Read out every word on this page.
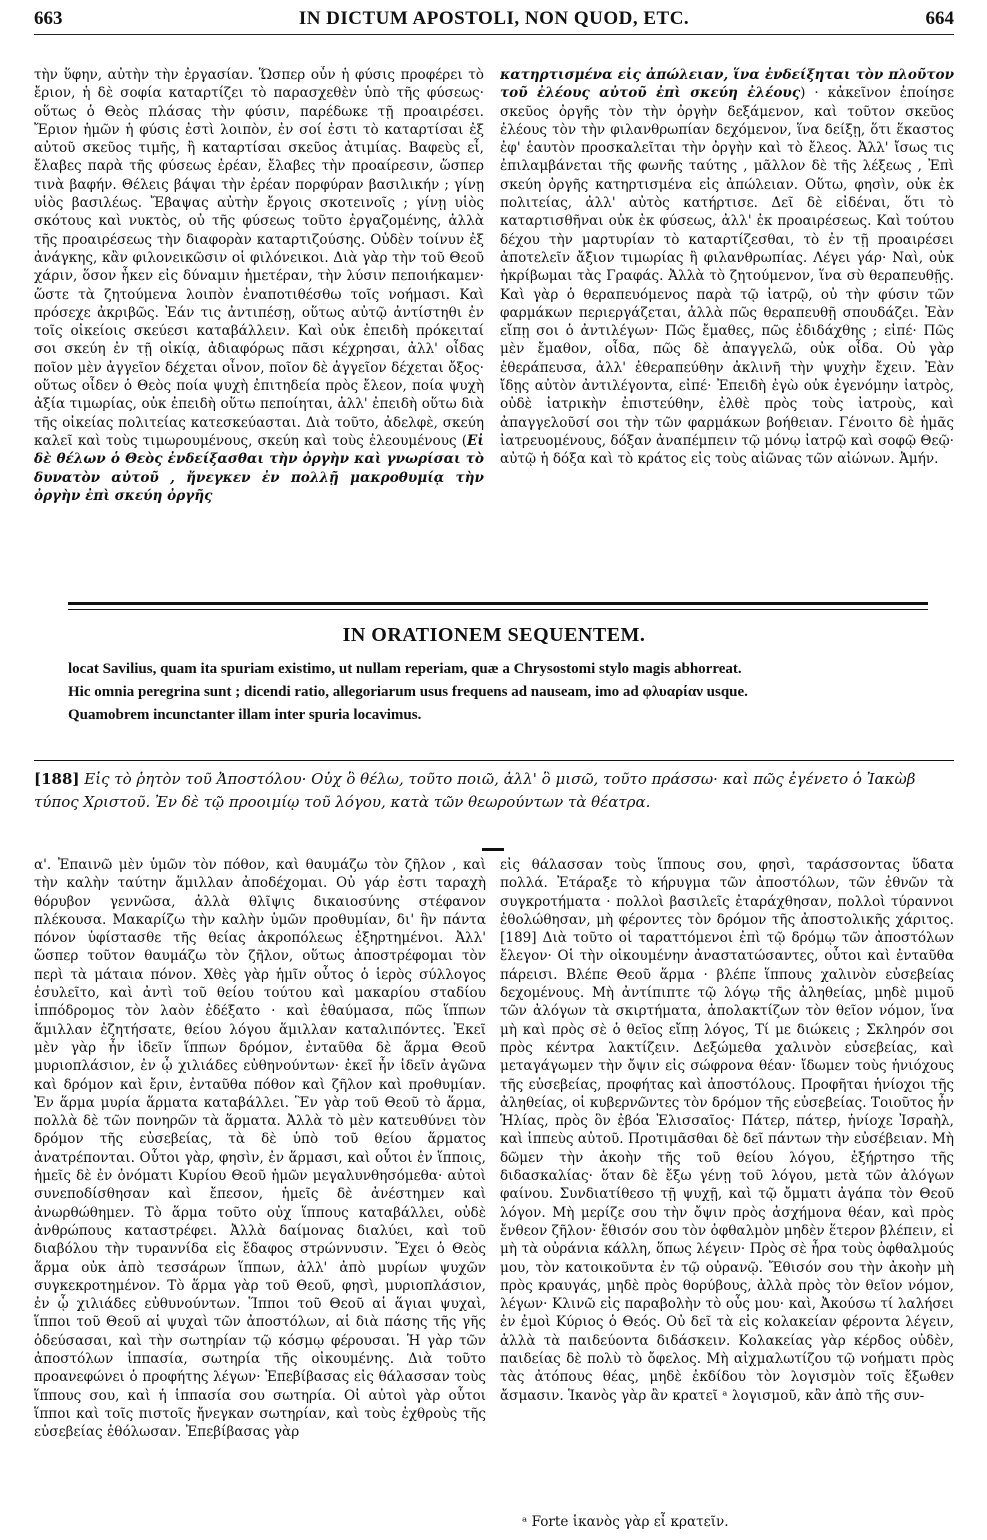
663	IN DICTUM APOSTOLI, NON QUOD, ETC.	664

τὴν ὕφην, αὐτὴν τὴν ἐργασίαν. Ὥσπερ οὖν ἡ φύσις προφέρει τὸ ἔριον, ἡ δὲ σοφία καταρτίζει τὸ παρασχεθὲν ὑπὸ τῆς φύσεως· οὕτως ὁ Θεὸς πλάσας τὴν φύσιν, παρέδωκε τῇ προαιρέσει. Ἔριον ἡμῶν ἡ φύσις ἐστὶ λοιπὸν, ἐν σοί ἐστι τὸ καταρτίσαι ἐξ αὐτοῦ σκεῦος τιμῆς, ἢ καταρτίσαι σκεῦος ἀτιμίας. Βαφεὺς εἶ, ἔλαβες παρὰ τῆς φύσεως ἐρέαν, ἔλαβες τὴν προαίρεσιν, ὥσπερ τινὰ βαφήν. Θέλεις βάψαι τὴν ἐρέαν πορφύραν βασιλικήν ; γίνῃ υἱὸς βασιλέως. Ἔβαψας αὐτὴν ἔργοις σκοτεινοῖς ; γίνῃ υἱὸς σκότους καὶ νυκτὸς, οὐ τῆς φύσεως τοῦτο ἐργαζομένης, ἀλλὰ τῆς προαιρέσεως τὴν διαφορὰν καταρτιζούσης. Οὐδὲν τοίνυν ἐξ ἀνάγκης, κἂν φιλονεικῶσιν οἱ φιλόνεικοι. Διὰ γὰρ τὴν τοῦ Θεοῦ χάριν, ὅσον ἧκεν εἰς δύναμιν ἡμετέραν, τὴν λύσιν πεποιήκαμεν· ὥστε τὰ ζητούμενα λοιπὸν ἐναποτιθέσθω τοῖς νοήμασι. Καὶ πρόσεχε ἀκριβῶς. Ἐάν τις ἀντιπέσῃ, οὕτως αὐτῷ ἀντίστηθι ἐν τοῖς οἰκείοις σκεύεσι καταβάλλειν. Καὶ οὐκ ἐπειδὴ πρόκειταί σοι σκεύη ἐν τῇ οἰκίᾳ, ἀδιαφόρως πᾶσι κέχρησαι, ἀλλ' οἶδας ποῖον μὲν ἀγγεῖον δέχεται οἶνον, ποῖον δὲ ἀγγεῖον δέχεται ὄξος· οὕτως οἶδεν ὁ Θεὸς ποία ψυχὴ ἐπιτηδεία πρὸς ἔλεον, ποία ψυχὴ ἀξία τιμωρίας, οὐκ ἐπειδὴ οὕτω πεποίηται, ἀλλ' ἐπειδὴ οὕτω διὰ τῆς οἰκείας πολιτείας κατεσκεύασται. Διὰ τοῦτο, ἀδελφὲ, σκεύη καλεῖ καὶ τοὺς τιμωρουμένους, σκεύη καὶ τοὺς ἐλεουμένους (Εἰ δὲ θέλων ὁ Θεὸς ἐνδείξασθαι τὴν ὀργὴν καὶ γνωρίσαι τὸ δυνατὸν αὐτοῦ , ἤνεγκεν ἐν πολλῇ μακροθυμίᾳ τὴν ὀργὴν ἐπὶ σκεύη ὀργῆς

κατηρτισμένα εἰς ἀπώλειαν, ἵνα ἐνδείξηται τὸν πλοῦτον τοῦ ἐλέους αὐτοῦ ἐπὶ σκεύη ἐλέους) · κἀκεῖνον ἐποίησε σκεῦος ὀργῆς τὸν τὴν ὀργὴν δεξάμενον, καὶ τοῦτον σκεῦος ἐλέους τὸν τὴν φιλανθρωπίαν δεχόμενον, ἵνα δείξῃ, ὅτι ἕκαστος ἐφ' ἑαυτὸν προσκαλεῖται τὴν ὀργὴν καὶ τὸ ἔλεος. Ἀλλ' ἴσως τις ἐπιλαμβάνεται τῆς φωνῆς ταύτης , μᾶλλον δὲ τῆς λέξεως , Ἐπὶ σκεύη ὀργῆς κατηρτισμένα εἰς ἀπώλειαν. Οὕτω, φησὶν, οὐκ ἐκ πολιτείας, ἀλλ' αὐτὸς κατήρτισε. Δεῖ δὲ εἰδέναι, ὅτι τὸ καταρτισθῆναι οὐκ ἐκ φύσεως, ἀλλ' ἐκ προαιρέσεως. Καὶ τούτου δέχου τὴν μαρτυρίαν τὸ καταρτίζεσθαι, τὸ ἐν τῇ προαιρέσει ἀποτελεῖν ἄξιον τιμωρίας ἢ φιλανθρωπίας. Λέγει γάρ· Ναὶ, οὐκ ἠκρίβωμαι τὰς Γραφάς. Ἀλλὰ τὸ ζητούμενον, ἵνα σὺ θεραπευθῇς. Καὶ γὰρ ὁ θεραπευόμενος παρὰ τῷ ἰατρῷ, οὐ τὴν φύσιν τῶν φαρμάκων περιεργάζεται, ἀλλὰ πῶς θεραπευθῇ σπουδάζει. Ἐὰν εἴπῃ σοι ὁ ἀντιλέγων· Πῶς ἔμαθες, πῶς ἐδιδάχθης ; εἰπέ· Πῶς μὲν ἔμαθον, οἶδα, πῶς δὲ ἀπαγγελῶ, οὐκ οἶδα. Οὐ γὰρ ἐθεράπευσα, ἀλλ' ἐθεραπεύθην ἀκλινῆ τὴν ψυχὴν ἔχειν. Ἐὰν ἴδῃς αὐτὸν ἀντιλέγοντα, εἰπέ· Ἐπειδὴ ἐγὼ οὐκ ἐγενόμην ἰατρὸς, οὐδὲ ἰατρικὴν ἐπιστεύθην, ἐλθὲ πρὸς τοὺς ἰατροὺς, καὶ ἀπαγγελοῦσί σοι τὴν τῶν φαρμάκων βοήθειαν. Γένοιτο δὲ ἡμᾶς ἰατρευομένους, δόξαν ἀναπέμπειν τῷ μόνῳ ἰατρῷ καὶ σοφῷ Θεῷ· αὐτῷ ἡ δόξα καὶ τὸ κράτος εἰς τοὺς αἰῶνας τῶν αἰώνων. Ἀμήν.

IN ORATIONEM SEQUENTEM.
locat Savilius, quam ita spuriam existimo, ut nullam reperiam, quæ a Chrysostomi stylo magis abhorreat.
Hic omnia peregrina sunt ; dicendi ratio, allegoriarum usus frequens ad nauseam, imo ad φλυαρίαν usque.
Quamobrem incunctanter illam inter spuria locavimus.
[188] Εἰς τὸ ῥητὸν τοῦ Ἀποστόλου· Οὐχ ὃ θέλω, τοῦτο ποιῶ, ἀλλ' ὃ μισῶ, τοῦτο πράσσω· καὶ πῶς ἐγένετο ὁ Ἰακὼβ τύπος Χριστοῦ. Ἐν δὲ τῷ προοιμίῳ τοῦ λόγου, κατὰ τῶν θεωρούντων τὰ θέατρα.

α'. Ἐπαινῶ μὲν ὑμῶν τὸν πόθον, καὶ θαυμάζω τὸν ζῆλον , καὶ τὴν καλὴν ταύτην ἅμιλλαν ἀποδέχομαι. Οὐ γάρ ἐστι ταραχὴ θόρυβον γεννῶσα, ἀλλὰ θλῖψις δικαιοσύνης στέφανον πλέκουσα. Μακαρίζω τὴν καλὴν ὑμῶν προθυμίαν, δι' ἣν πάντα πόνον ὑφίστασθε τῆς θείας ἀκροπόλεως ἐξηρτημένοι. Ἀλλ' ὥσπερ τοῦτον θαυμάζω τὸν ζῆλον, οὕτως ἀποστρέφομαι τὸν περὶ τὰ μάταια πόνον. Χθὲς γὰρ ἡμῖν οὗτος ὁ ἱερὸς σύλλογος ἐσυλεῖτο, καὶ ἀντὶ τοῦ θείου τούτου καὶ μακαρίου σταδίου ἱππόδρομος τὸν λαὸν ἐδέξατο · καὶ ἐθαύμασα, πῶς ἵππων ἅμιλλαν ἐζητήσατε, θείου λόγου ἅμιλλαν καταλιπόντες. Ἐκεῖ μὲν γὰρ ἦν ἰδεῖν ἵππων δρόμον, ἐνταῦθα δὲ ἅρμα Θεοῦ μυριοπλάσιον, ἐν ᾧ χιλιάδες εὐθηνούντων· ἐκεῖ ἦν ἰδεῖν ἀγῶνα καὶ δρόμον καὶ ἔριν, ἐνταῦθα πόθον καὶ ζῆλον καὶ προθυμίαν. Ἐν ἅρμα μυρία ἅρματα καταβάλλει. Ἓν γὰρ τοῦ Θεοῦ τὸ ἅρμα, πολλὰ δὲ τῶν πονηρῶν τὰ ἅρματα. Ἀλλὰ τὸ μὲν κατευθύνει τὸν δρόμον τῆς εὐσεβείας, τὰ δὲ ὑπὸ τοῦ θείου ἅρματος ἀνατρέπονται. Οὗτοι γὰρ, φησὶν, ἐν ἅρμασι, καὶ οὗτοι ἐν ἵπποις, ἡμεῖς δὲ ἐν ὀνόματι Κυρίου Θεοῦ ἡμῶν μεγαλυνθησόμεθα· αὐτοὶ συνεποδίσθησαν καὶ ἔπεσον, ἡμεῖς δὲ ἀνέστημεν καὶ ἀνωρθώθημεν. Τὸ ἅρμα τοῦτο οὐχ ἵππους καταβάλλει, οὐδὲ ἀνθρώπους καταστρέφει. Ἀλλὰ δαίμονας διαλύει, καὶ τοῦ διαβόλου τὴν τυραννίδα εἰς ἔδαφος στρώννυσιν. Ἔχει ὁ Θεὸς ἅρμα οὐκ ἀπὸ τεσσάρων ἵππων, ἀλλ' ἀπὸ μυρίων ψυχῶν συγκεκροτημένον. Τὸ ἅρμα γὰρ τοῦ Θεοῦ, φησὶ, μυριοπλάσιον, ἐν ᾧ χιλιάδες εὐθυνούντων. Ἵπποι τοῦ Θεοῦ αἱ ἅγιαι ψυχαὶ, ἵπποι τοῦ Θεοῦ αἱ ψυχαὶ τῶν ἀποστόλων, αἱ διὰ πάσης τῆς γῆς ὁδεύσασαι, καὶ τὴν σωτηρίαν τῷ κόσμῳ φέρουσαι. Ἡ γὰρ τῶν ἀποστόλων ἱππασία, σωτηρία τῆς οἰκουμένης. Διὰ τοῦτο προανεφώνει ὁ προφήτης λέγων· Ἐπεβίβασας εἰς θάλασσαν τοὺς ἵππους σου, καὶ ἡ ἱππασία σου σωτηρία. Οἱ αὐτοὶ γὰρ οὗτοι ἵπποι καὶ τοῖς πιστοῖς ἤνεγκαν σωτηρίαν, καὶ τοὺς ἐχθροὺς τῆς εὐσεβείας ἐθόλωσαν. Ἐπεβίβασας γὰρ

εἰς θάλασσαν τοὺς ἵππους σου, φησὶ, ταράσσοντας ὕδατα πολλά. Ἐτάραξε τὸ κήρυγμα τῶν ἀποστόλων, τῶν ἐθνῶν τὰ συγκροτήματα · πολλοὶ βασιλεῖς ἐταράχθησαν, πολλοὶ τύραννοι ἐθολώθησαν, μὴ φέροντες τὸν δρόμον τῆς ἀποστολικῆς χάριτος. [189] Διὰ τοῦτο οἱ ταραττόμενοι ἐπὶ τῷ δρόμῳ τῶν ἀποστόλων ἔλεγον· Οἱ τὴν οἰκουμένην ἀναστατώσαντες, οὗτοι καὶ ἐνταῦθα πάρεισι. Βλέπε Θεοῦ ἅρμα · βλέπε ἵππους χαλινὸν εὐσεβείας δεχομένους. Μὴ ἀντίπιπτε τῷ λόγῳ τῆς ἀληθείας, μηδὲ μιμοῦ τῶν ἀλόγων τὰ σκιρτήματα, ἀπολακτίζων τὸν θεῖον νόμον, ἵνα μὴ καὶ πρὸς σὲ ὁ θεῖος εἴπῃ λόγος, Τί με διώκεις ; Σκληρόν σοι πρὸς κέντρα λακτίζειν. Δεξώμεθα χαλινὸν εὐσεβείας, καὶ μεταγάγωμεν τὴν ὄψιν εἰς σώφρονα θέαν· ἴδωμεν τοὺς ἡνιόχους τῆς εὐσεβείας, προφήτας καὶ ἀποστόλους. Προφῆται ἡνίοχοι τῆς ἀληθείας, οἱ κυβερνῶντες τὸν δρόμον τῆς εὐσεβείας. Τοιοῦτος ἦν Ἡλίας, πρὸς ὃν ἐβόα Ἐλισσαῖος· Πάτερ, πάτερ, ἡνίοχε Ἰσραὴλ, καὶ ἱππεὺς αὐτοῦ. Προτιμᾶσθαι δὲ δεῖ πάντων τὴν εὐσέβειαν. Μὴ δῶμεν τὴν ἀκοὴν τῆς τοῦ θείου λόγου, ἐξήρτησο τῆς διδασκαλίας· ὅταν δὲ ἔξω γένῃ τοῦ λόγου, μετὰ τῶν ἀλόγων φαίνου. Συνδιατίθεσο τῇ ψυχῇ, καὶ τῷ ὄμματι ἀγάπα τὸν Θεοῦ λόγον. Μὴ μερίζε σου τὴν ὄψιν πρὸς ἀσχήμονα θέαν, καὶ πρὸς ἔνθεον ζῆλον· ἔθισόν σου τὸν ὀφθαλμὸν μηδὲν ἕτερον βλέπειν, εἰ μὴ τὰ οὐράνια κάλλη, ὅπως λέγειν· Πρὸς σὲ ἦρα τοὺς ὀφθαλμούς μου, τὸν κατοικοῦντα ἐν τῷ οὐρανῷ. Ἔθισόν σου τὴν ἀκοὴν μὴ πρὸς κραυγάς, μηδὲ πρὸς θορύβους, ἀλλὰ πρὸς τὸν θεῖον νόμον, λέγων· Κλινῶ εἰς παραβολὴν τὸ οὖς μου· καὶ, Ἀκούσω τί λαλήσει ἐν ἐμοὶ Κύριος ὁ Θεός. Οὐ δεῖ τὰ εἰς κολακείαν φέροντα λέγειν, ἀλλὰ τὰ παιδεύοντα διδάσκειν. Κολακείας γὰρ κέρδος οὐδὲν, παιδείας δὲ πολὺ τὸ ὄφελος. Μὴ αἰχμαλωτίζου τῷ νοήματι πρὸς τὰς ἀτόπους θέας, μηδὲ ἐκδίδου τὸν λογισμὸν τοῖς ἔξωθεν ἄσμασιν. Ἱκανὸς γὰρ ἂν κρατεῖ ᵃ λογισμοῦ, κἂν ἀπὸ τῆς συν-

ᵃ Forte ἱκανὸς γὰρ εἶ κρατεῖν.
